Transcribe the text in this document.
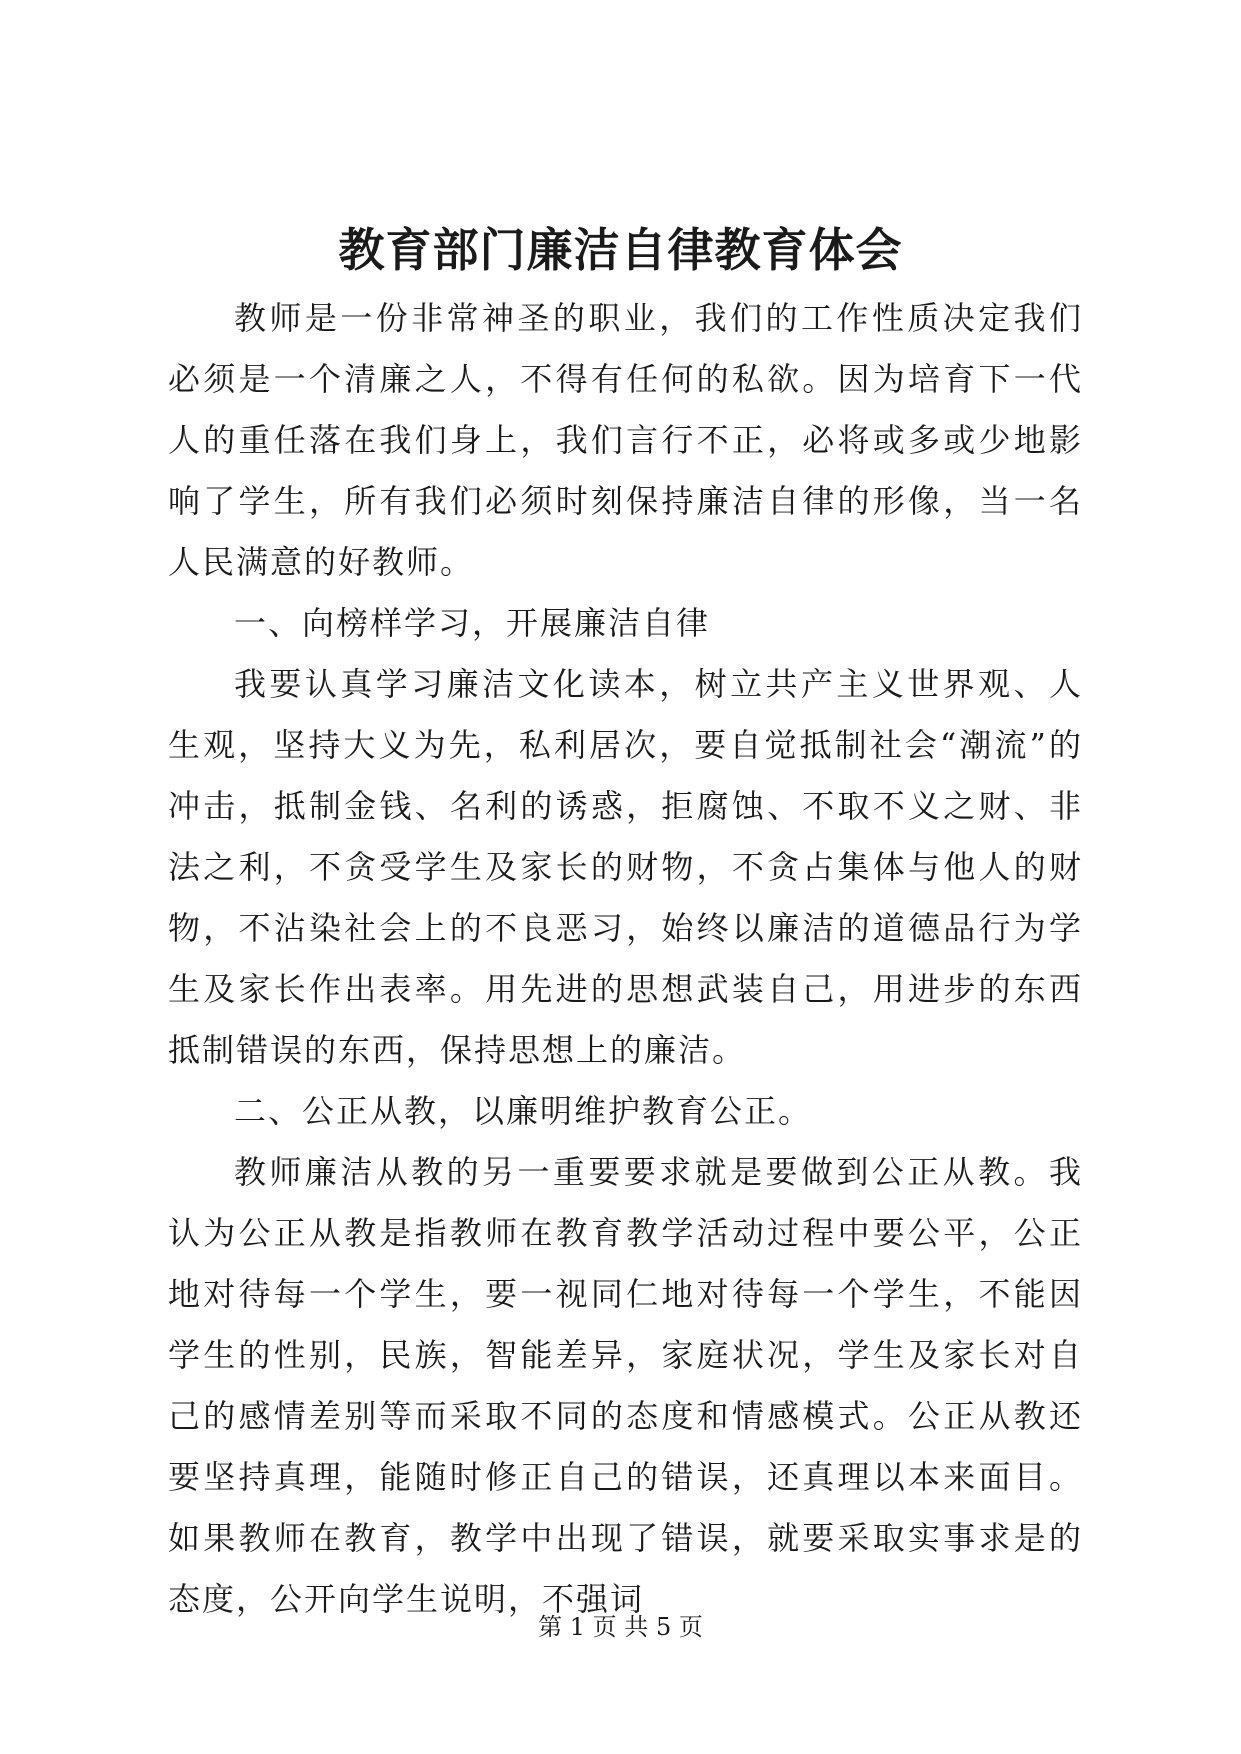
教育部门廉洁自律教育体会

教师是一份非常神圣的职业，我们的工作性质决定我们必须是一个清廉之人，不得有任何的私欲。因为培育下一代人的重任落在我们身上，我们言行不正，必将或多或少地影响了学生，所有我们必须时刻保持廉洁自律的形像，当一名人民满意的好教师。

一、向榜样学习，开展廉洁自律

我要认真学习廉洁文化读本，树立共产主义世界观、人生观，坚持大义为先，私利居次，要自觉抵制社会“潮流”的冲击，抵制金钱、名利的诱惑，拒腐蚀、不取不义之财、非法之利，不贪受学生及家长的财物，不贪占集体与他人的财物，不沾染社会上的不良恶习，始终以廉洁的道德品行为学生及家长作出表率。用先进的思想武装自己，用进步的东西抵制错误的东西，保持思想上的廉洁。

二、公正从教，以廉明维护教育公正。

教师廉洁从教的另一重要要求就是要做到公正从教。我认为公正从教是指教师在教育教学活动过程中要公平，公正地对待每一个学生，要一视同仁地对待每一个学生，不能因学生的性别，民族，智能差异，家庭状况，学生及家长对自己的感情差别等而采取不同的态度和情感模式。公正从教还要坚持真理，能随时修正自己的错误，还真理以本来面目。如果教师在教育，教学中出现了错误，就要采取实事求是的态度，公开向学生说明，不强词

第 1 页 共 5 页
